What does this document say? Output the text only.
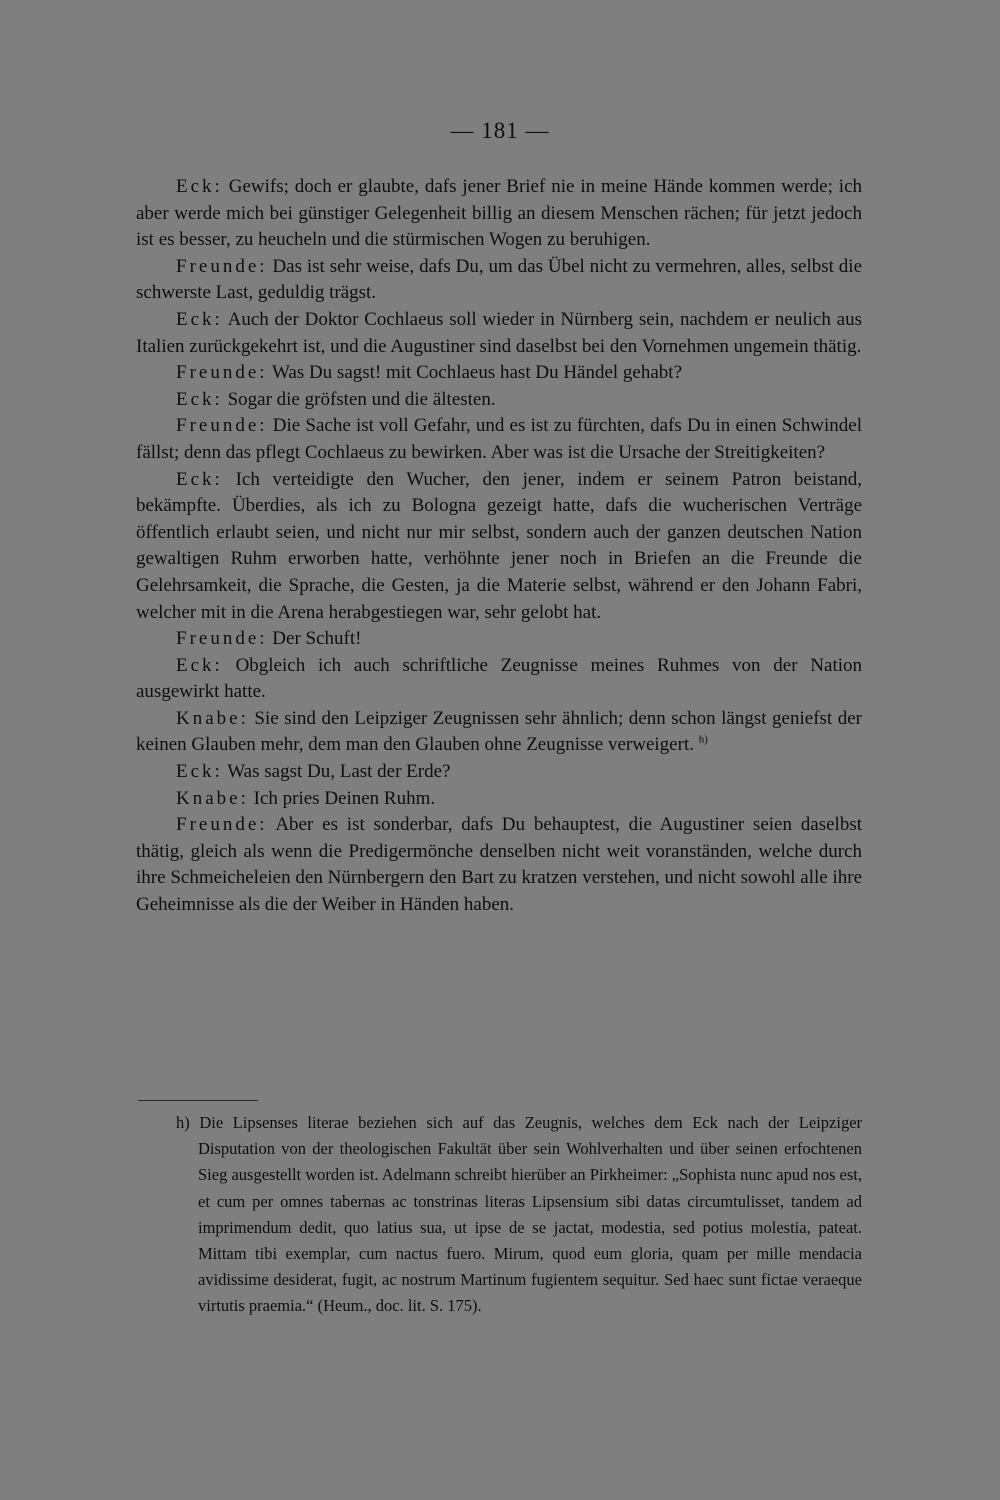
— 181 —

Eck: Gewifs; doch er glaubte, dafs jener Brief nie in meine Hände kommen werde; ich aber werde mich bei günstiger Gelegenheit billig an diesem Menschen rächen; für jetzt jedoch ist es besser, zu heucheln und die stürmischen Wogen zu beruhigen.

Freunde: Das ist sehr weise, dafs Du, um das Übel nicht zu vermehren, alles, selbst die schwerste Last, geduldig trägst.

Eck: Auch der Doktor Cochlaeus soll wieder in Nürnberg sein, nachdem er neulich aus Italien zurückgekehrt ist, und die Augustiner sind daselbst bei den Vornehmen ungemein thätig.

Freunde: Was Du sagst! mit Cochlaeus hast Du Händel gehabt?

Eck: Sogar die gröfsten und die ältesten.

Freunde: Die Sache ist voll Gefahr, und es ist zu fürchten, dafs Du in einen Schwindel fällst; denn das pflegt Cochlaeus zu bewirken. Aber was ist die Ursache der Streitigkeiten?

Eck: Ich verteidigte den Wucher, den jener, indem er seinem Patron beistand, bekämpfte. Überdies, als ich zu Bologna gezeigt hatte, dafs die wucherischen Verträge öffentlich erlaubt seien, und nicht nur mir selbst, sondern auch der ganzen deutschen Nation gewaltigen Ruhm erworben hatte, verhöhnte jener noch in Briefen an die Freunde die Gelehrsamkeit, die Sprache, die Gesten, ja die Materie selbst, während er den Johann Fabri, welcher mit in die Arena herabgestiegen war, sehr gelobt hat.

Freunde: Der Schuft!

Eck: Obgleich ich auch schriftliche Zeugnisse meines Ruhmes von der Nation ausgewirkt hatte.

Knabe: Sie sind den Leipziger Zeugnissen sehr ähnlich; denn schon längst geniefst der keinen Glauben mehr, dem man den Glauben ohne Zeugnisse verweigert. $^{h)}$

Eck: Was sagst Du, Last der Erde?

Knabe: Ich pries Deinen Ruhm.

Freunde: Aber es ist sonderbar, dafs Du behauptest, die Augustiner seien daselbst thätig, gleich als wenn die Predigermönche denselben nicht weit voranständen, welche durch ihre Schmeicheleien den Nürnbergern den Bart zu kratzen verstehen, und nicht sowohl alle ihre Geheimnisse als die der Weiber in Händen haben.

h) Die Lipsenses literae beziehen sich auf das Zeugnis, welches dem Eck nach der Leipziger Disputation von der theologischen Fakultät über sein Wohlverhalten und über seinen erfochtenen Sieg ausgestellt worden ist. Adelmann schreibt hierüber an Pirkheimer: „Sophista nunc apud nos est, et cum per omnes tabernas ac tonstrinas literas Lipsensium sibi datas circumtulisset, tandem ad imprimendum dedit, quo latius sua, ut ipse de se jactat, modestia, sed potius molestia, pateat. Mittam tibi exemplar, cum nactus fuero. Mirum, quod eum gloria, quam per mille mendacia avidissime desiderat, fugit, ac nostrum Martinum fugientem sequitur. Sed haec sunt fictae veraeque virtutis praemia.“ (Heum., doc. lit. S. 175).
